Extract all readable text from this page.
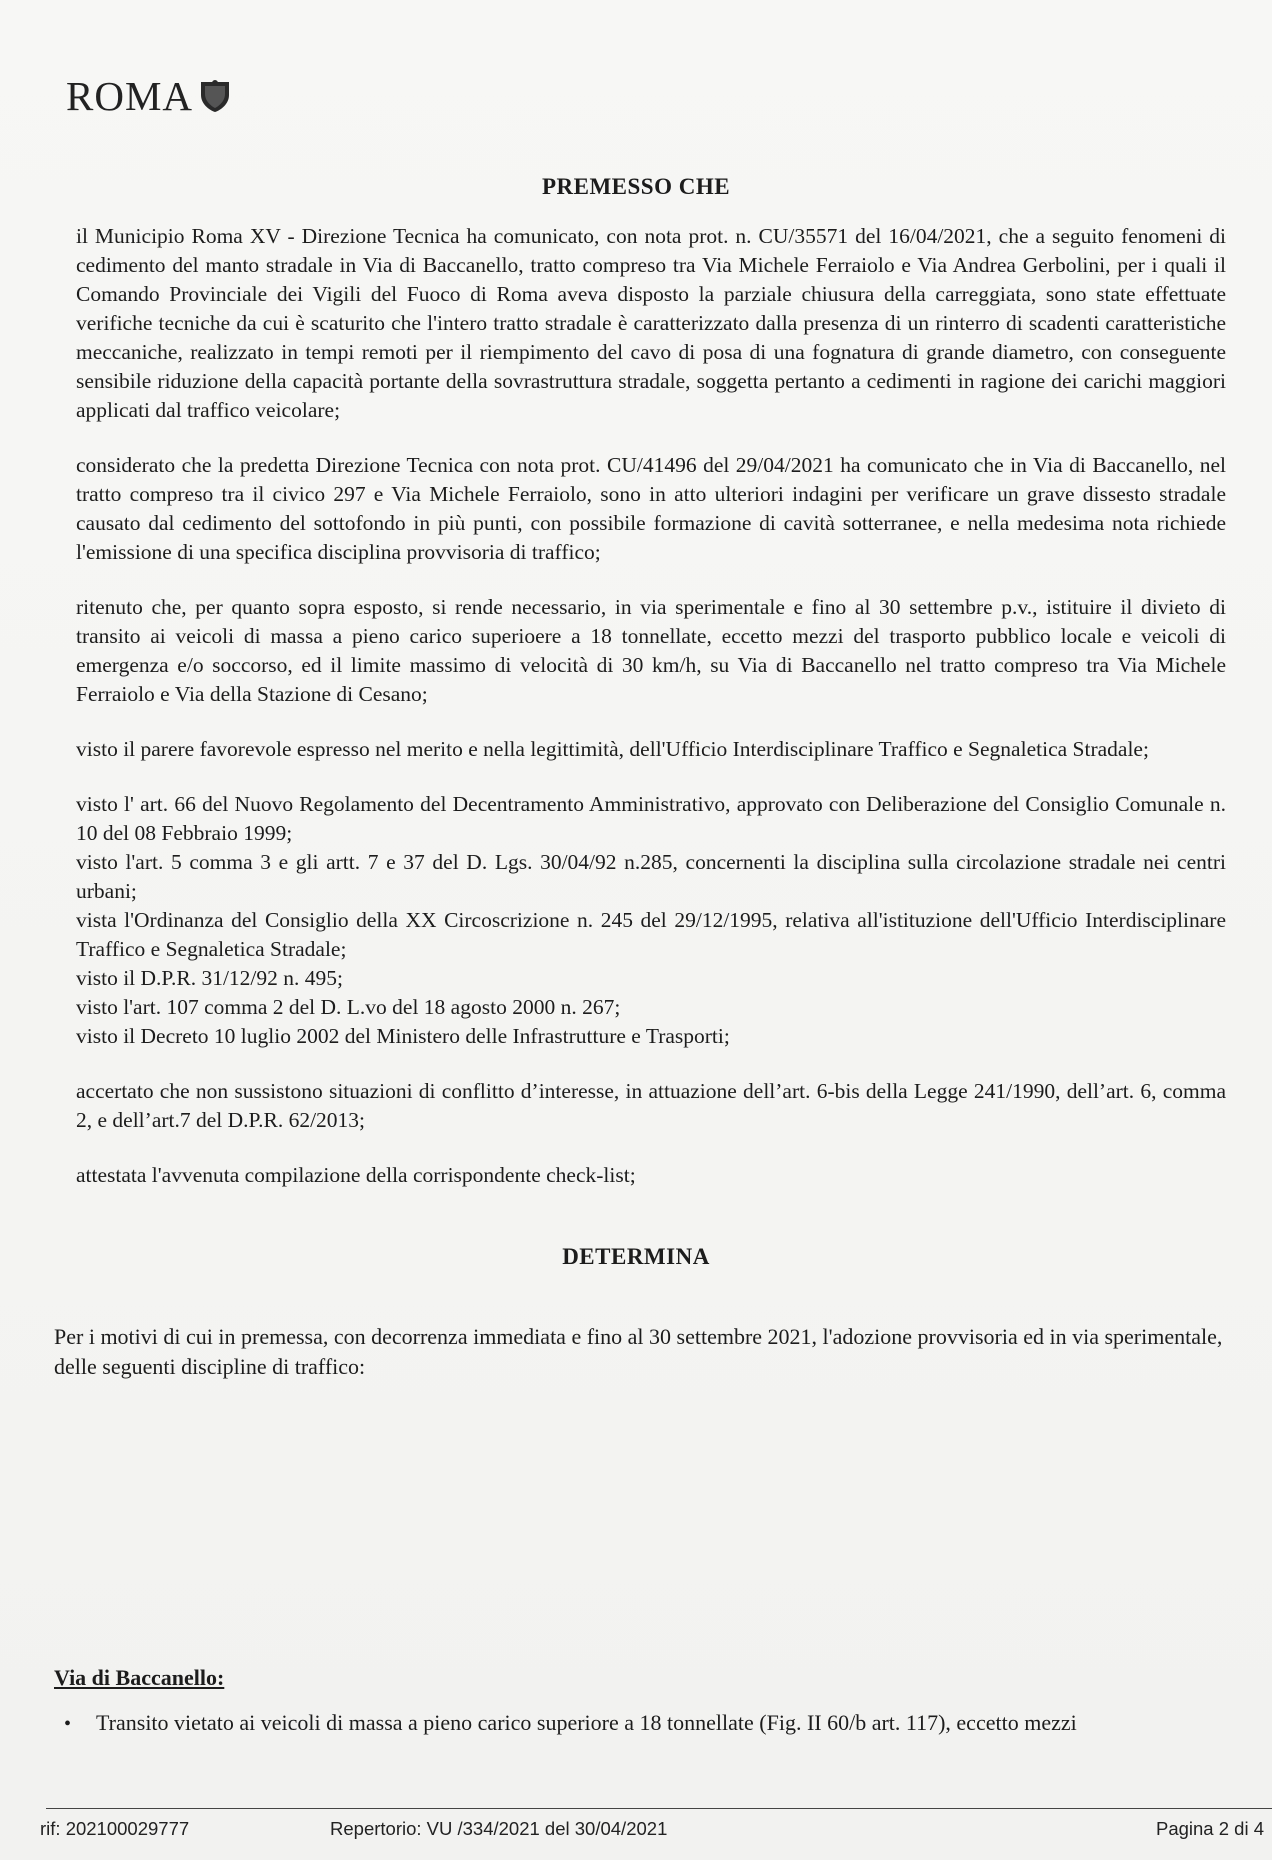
ROMA
PREMESSO CHE

il Municipio Roma XV - Direzione Tecnica ha comunicato, con nota prot. n. CU/35571 del 16/04/2021, che a seguito fenomeni di cedimento del manto stradale in Via di Baccanello, tratto compreso tra Via Michele Ferraiolo e Via Andrea Gerbolini, per i quali il Comando Provinciale dei Vigili del Fuoco di Roma aveva disposto la parziale chiusura della carreggiata, sono state effettuate verifiche tecniche da cui è scaturito che l'intero tratto stradale è caratterizzato dalla presenza di un rinterro di scadenti caratteristiche meccaniche, realizzato in tempi remoti per il riempimento del cavo di posa di una fognatura di grande diametro, con conseguente sensibile riduzione della capacità portante della sovrastruttura stradale, soggetta pertanto a cedimenti in ragione dei carichi maggiori applicati dal traffico veicolare;

considerato che la predetta Direzione Tecnica con nota prot. CU/41496 del 29/04/2021 ha comunicato che in Via di Baccanello, nel tratto compreso tra il civico 297 e Via Michele Ferraiolo, sono in atto ulteriori indagini per verificare un grave dissesto stradale causato dal cedimento del sottofondo in più punti, con possibile formazione di cavità sotterranee, e nella medesima nota richiede l'emissione di una specifica disciplina provvisoria di traffico;

ritenuto che, per quanto sopra esposto, si rende necessario, in via sperimentale e fino al 30 settembre p.v., istituire il divieto di transito ai veicoli di massa a pieno carico superioere a 18 tonnellate, eccetto mezzi del trasporto pubblico locale e veicoli di emergenza e/o soccorso, ed il limite massimo di velocità di 30 km/h, su Via di Baccanello nel tratto compreso tra Via Michele Ferraiolo e Via della Stazione di Cesano;

visto il parere favorevole espresso nel merito e nella legittimità, dell'Ufficio Interdisciplinare Traffico e Segnaletica Stradale;

visto l' art. 66 del Nuovo Regolamento del Decentramento Amministrativo, approvato con Deliberazione del Consiglio Comunale n. 10 del 08 Febbraio 1999;

visto l'art. 5 comma 3 e gli artt. 7 e 37 del D. Lgs. 30/04/92 n.285, concernenti la disciplina sulla circolazione stradale nei centri urbani;

vista l'Ordinanza del Consiglio della XX Circoscrizione n. 245 del 29/12/1995, relativa all'istituzione dell'Ufficio Interdisciplinare Traffico e Segnaletica Stradale;

visto il D.P.R. 31/12/92 n. 495;

visto l'art. 107 comma 2 del D. L.vo del 18 agosto 2000 n. 267;

visto il Decreto 10 luglio 2002 del Ministero delle Infrastrutture e Trasporti;

accertato che non sussistono situazioni di conflitto d’interesse, in attuazione dell’art. 6-bis della Legge 241/1990, dell’art. 6, comma 2, e dell’art.7 del D.P.R. 62/2013;

attestata l'avvenuta compilazione della corrispondente check-list;

DETERMINA

Per i motivi di cui in premessa, con decorrenza immediata e fino al 30 settembre 2021, l'adozione provvisoria ed in via sperimentale, delle seguenti discipline di traffico:

Via di Baccanello:
•	Transito vietato ai veicoli di massa a pieno carico superiore a 18 tonnellate (Fig. II 60/b art. 117), eccetto mezzi
rif: 202100029777	Repertorio: VU /334/2021 del 30/04/2021	Pagina 2 di 4
